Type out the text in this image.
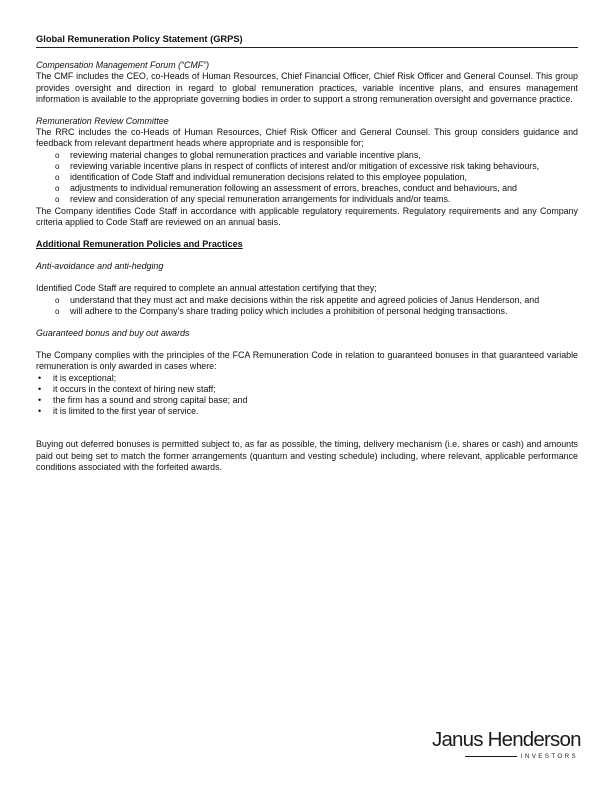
Global Remuneration Policy Statement (GRPS)
Compensation Management Forum (“CMF”)
The CMF includes the CEO, co-Heads of Human Resources, Chief Financial Officer, Chief Risk Officer and General Counsel. This group provides oversight and direction in regard to global remuneration practices, variable incentive plans, and ensures management information is available to the appropriate governing bodies in order to support a strong remuneration oversight and governance practice.
Remuneration Review Committee
The RRC includes the co-Heads of Human Resources, Chief Risk Officer and General Counsel. This group considers guidance and feedback from relevant department heads where appropriate and is responsible for;
o reviewing material changes to global remuneration practices and variable incentive plans,
o reviewing variable incentive plans in respect of conflicts of interest and/or mitigation of excessive risk taking behaviours,
o identification of Code Staff and individual remuneration decisions related to this employee population,
o adjustments to individual remuneration following an assessment of errors, breaches, conduct and behaviours, and
o review and consideration of any special remuneration arrangements for individuals and/or teams.
The Company identifies Code Staff in accordance with applicable regulatory requirements. Regulatory requirements and any Company criteria applied to Code Staff are reviewed on an annual basis.
Additional Remuneration Policies and Practices
Anti-avoidance and anti-hedging
Identified Code Staff are required to complete an annual attestation certifying that they;
o understand that they must act and make decisions within the risk appetite and agreed policies of Janus Henderson, and
o will adhere to the Company’s share trading policy which includes a prohibition of personal hedging transactions.
Guaranteed bonus and buy out awards
The Company complies with the principles of the FCA Remuneration Code in relation to guaranteed bonuses in that guaranteed variable remuneration is only awarded in cases where:
• it is exceptional;
• it occurs in the context of hiring new staff;
• the firm has a sound and strong capital base; and
• it is limited to the first year of service.
Buying out deferred bonuses is permitted subject to, as far as possible, the timing, delivery mechanism (i.e. shares or cash) and amounts paid out being set to match the former arrangements (quantum and vesting schedule) including, where relevant, applicable performance conditions associated with the forfeited awards.
Janus Henderson
INVESTORS
